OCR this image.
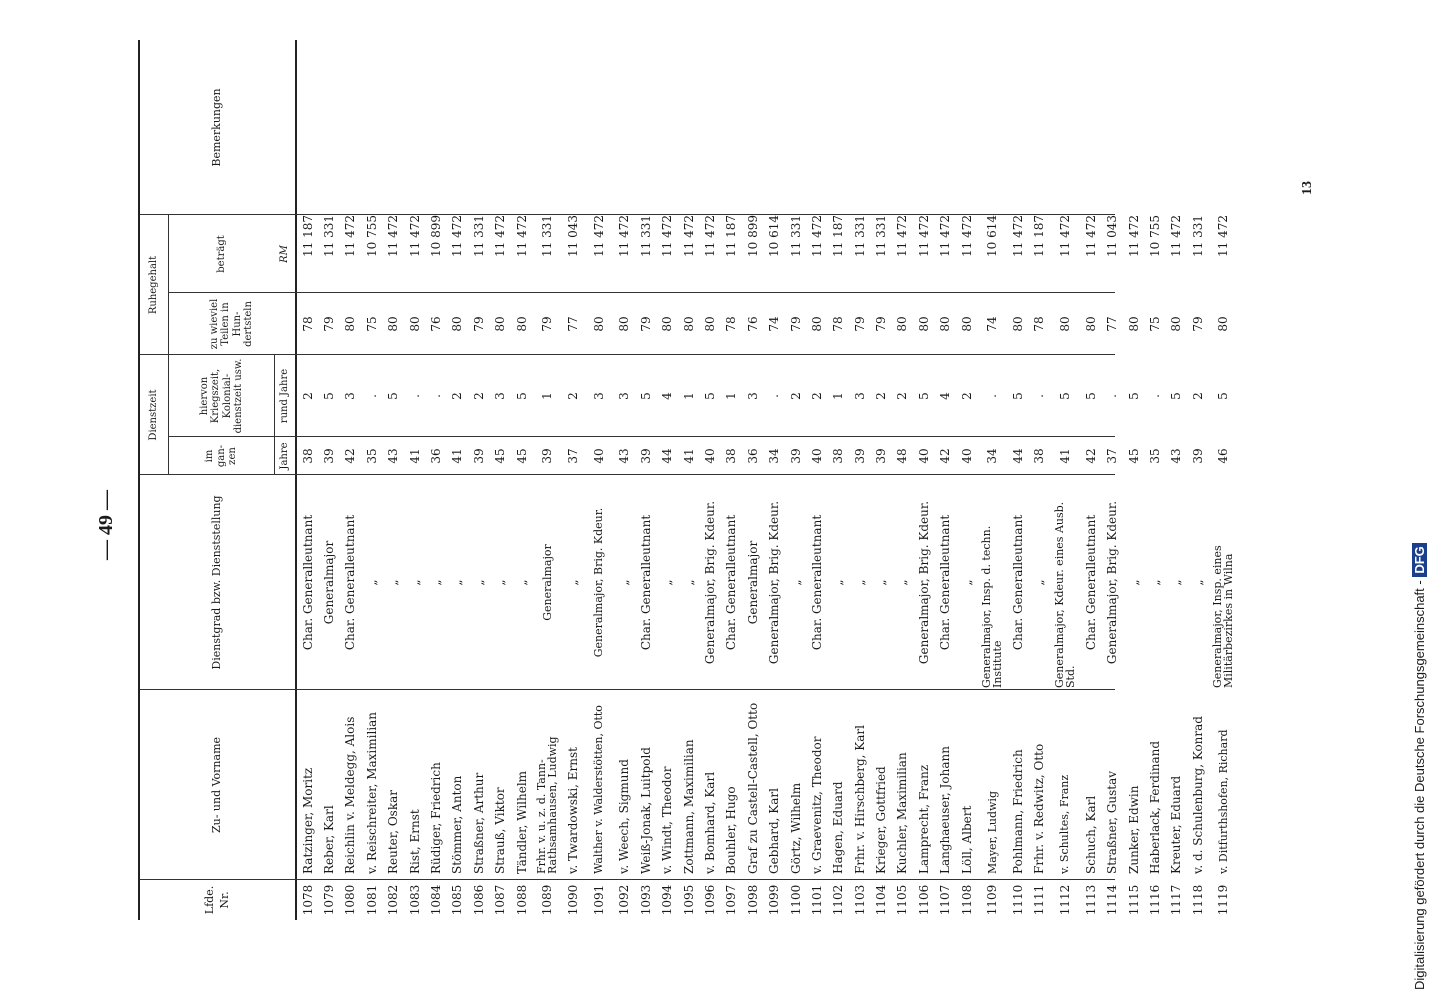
— 49 —
13
Lfde. Nr.
Zu- und Vorname
Dienstgrad bzw. Dienststellung
Dienstzeit
im gan- zen
hiervon Kriegszeit, Kolonial- dienstzeit usw.
Jahre
rund Jahre
Ruhegehalt
zu wieviel Teilen in Hun- dertsteln
beträgt	RM
Bemerkungen
1078
Ratzinger, Moritz
Char. Generalleutnant
38
2
78
11 187
1079
Reber, Karl
Generalmajor
39
5
79
11 331
1080
Reichlin v. Meldegg, Alois
Char. Generalleutnant
42
3
80
11 472
1081
v. Reischreiter, Maximilian
„
35
.
75
10 755
1082
Reuter, Oskar
„
43
5
80
11 472
1083
Rist, Ernst
„
41
.
80
11 472
1084
Rüdiger, Friedrich
„
36
.
76
10 899
1085
Stömmer, Anton
„
41
2
80
11 472
1086
Straßner, Arthur
„
39
2
79
11 331
1087
Strauß, Viktor
„
45
3
80
11 472
1088
Tändler, Wilhelm
„
45
5
80
11 472
1089
Frhr. v. u. z. d. Tann-Rathsamhausen, Ludwig
Generalmajor
39
1
79
11 331
1090
v. Twardowski, Ernst
„
37
2
77
11 043
1091
Walther v. Walderstötten, Otto
Generalmajor, Brig. Kdeur.
40
3
80
11 472
1092
v. Weech, Sigmund
„
43
3
80
11 472
1093
Weiß-Jonak, Luitpold
Char. Generalleutnant
39
5
79
11 331
1094
v. Windt, Theodor
„
44
4
80
11 472
1095
Zottmann, Maximilian
„
41
1
80
11 472
1096
v. Bomhard, Karl
Generalmajor, Brig. Kdeur.
40
5
80
11 472
1097
Bouhler, Hugo
Char. Generalleutnant
38
1
78
11 187
1098
Graf zu Castell-Castell, Otto
Generalmajor
36
3
76
10 899
1099
Gebhard, Karl
Generalmajor, Brig. Kdeur.
34
.
74
10 614
1100
Görtz, Wilhelm
„
39
2
79
11 331
1101
v. Graevenitz, Theodor
Char. Generalleutnant
40
2
80
11 472
1102
Hagen, Eduard
„
38
1
78
11 187
1103
Frhr. v. Hirschberg, Karl
„
39
3
79
11 331
1104
Krieger, Gottfried
„
39
2
79
11 331
1105
Kuchler, Maximilian
„
48
2
80
11 472
1106
Lamprecht, Franz
Generalmajor, Brig. Kdeur.
40
5
80
11 472
1107
Langhaeuser, Johann
Char. Generalleutnant
42
4
80
11 472
1108
Löll, Albert
„
40
2
80
11 472
1109
Mayer, Ludwig
Generalmajor, Insp. d. techn. Institute
34
.
74
10 614
1110
Pohlmann, Friedrich
Char. Generalleutnant
44
5
80
11 472
1111
Frhr. v. Redwitz, Otto
„
38
.
78
11 187
1112
v. Schultes, Franz
Generalmajor, Kdeur. eines Ausb. Std.
41
5
80
11 472
1113
Schuch, Karl
Char. Generalleutnant
42
5
80
11 472
1114
Straßner, Gustav
Generalmajor, Brig. Kdeur.
37
.
77
11 043
1115
Zunker, Edwin
„
45
5
80
11 472
1116
Haberlack, Ferdinand
„
35
.
75
10 755
1117
Kreuter, Eduard
„
43
5
80
11 472
1118
v. d. Schulenburg, Konrad
„
39
2
79
11 331
1119
v. Ditfurthshofen, Richard
Generalmajor, Insp. eines Militärbezirkes in Wilna
46
5
80
11 472
Digitalisierung gefördert durch die Deutsche Forschungsgemeinschaft - DFG
